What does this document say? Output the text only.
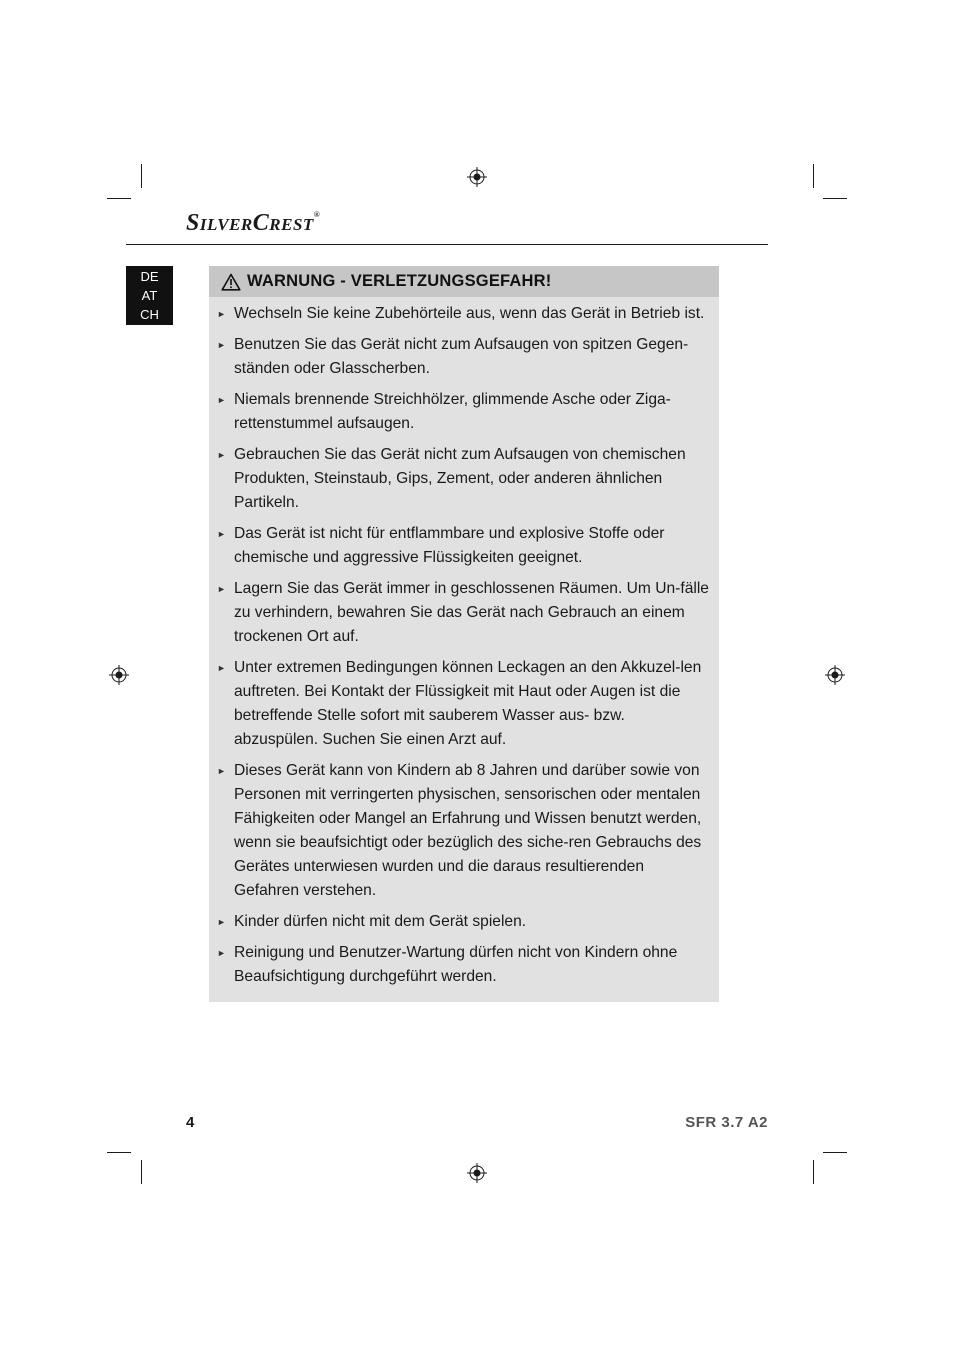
SILVERCREST®
DE
AT
CH
WARNUNG - VERLETZUNGSGEFAHR!
► Wechseln Sie keine Zubehörteile aus, wenn das Gerät in Betrieb ist.
► Benutzen Sie das Gerät nicht zum Aufsaugen von spitzen Gegen-ständen oder Glasscherben.
► Niemals brennende Streichhölzer, glimmende Asche oder Ziga-rettenstummel aufsaugen.
► Gebrauchen Sie das Gerät nicht zum Aufsaugen von chemischen Produkten, Steinstaub, Gips, Zement, oder anderen ähnlichen Partikeln.
► Das Gerät ist nicht für entflammbare und explosive Stoffe oder chemische und aggressive Flüssigkeiten geeignet.
► Lagern Sie das Gerät immer in geschlossenen Räumen. Um Un-fälle zu verhindern, bewahren Sie das Gerät nach Gebrauch an einem trockenen Ort auf.
► Unter extremen Bedingungen können Leckagen an den Akkuzel-len auftreten. Bei Kontakt der Flüssigkeit mit Haut oder Augen ist die betreffende Stelle sofort mit sauberem Wasser aus- bzw. abzuspülen. Suchen Sie einen Arzt auf.
► Dieses Gerät kann von Kindern ab 8 Jahren und darüber sowie von Personen mit verringerten physischen, sensorischen oder mentalen Fähigkeiten oder Mangel an Erfahrung und Wissen benutzt werden, wenn sie beaufsichtigt oder bezüglich des siche-ren Gebrauchs des Gerätes unterwiesen wurden und die daraus resultierenden Gefahren verstehen.
► Kinder dürfen nicht mit dem Gerät spielen.
► Reinigung und Benutzer-Wartung dürfen nicht von Kindern ohne Beaufsichtigung durchgeführt werden.
4	SFR 3.7 A2
